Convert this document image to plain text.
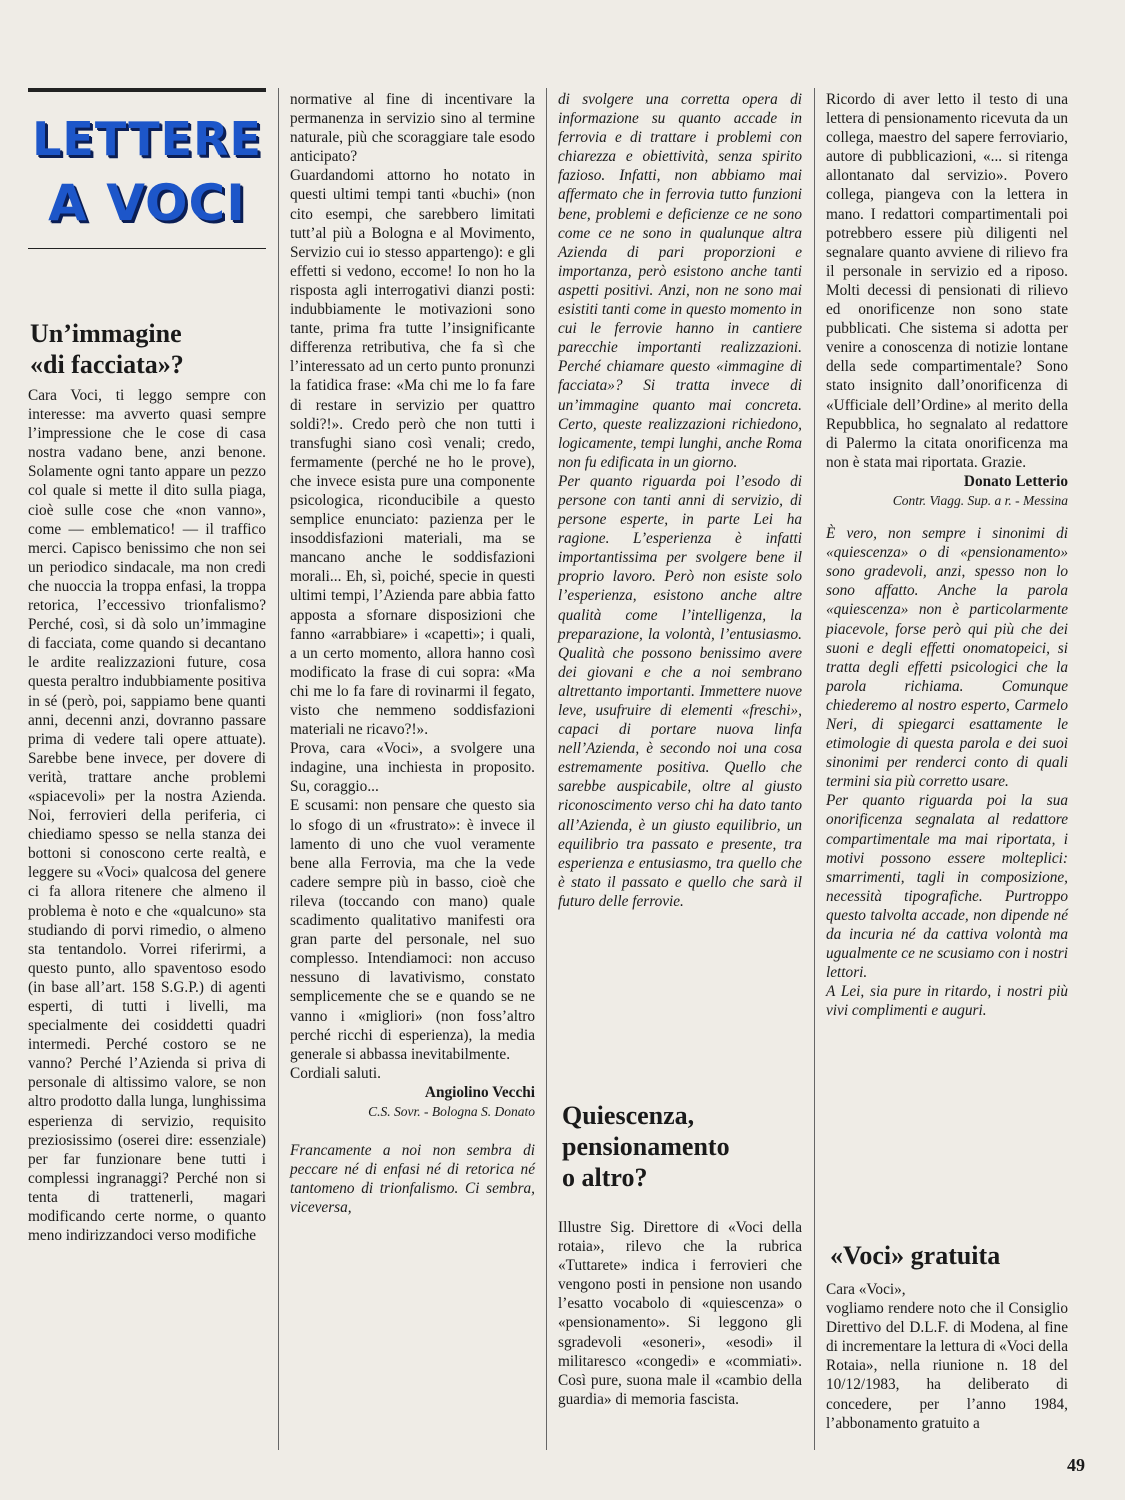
LETTERE
A VOCI
Un’immagine
«di facciata»?

Cara Voci, ti leggo sempre con interesse: ma avverto quasi sempre l’impressione che le cose di casa nostra vadano bene, anzi benone. Solamente ogni tanto appare un pezzo col quale si mette il dito sulla piaga, cioè sulle cose che «non vanno», come — emblematico! — il traffico merci. Capisco benissimo che non sei un periodico sindacale, ma non credi che nuoccia la troppa enfasi, la troppa retorica, l’eccessivo trionfalismo? Perché, così, si dà solo un’immagine di facciata, come quando si decantano le ardite realizzazioni future, cosa questa peraltro indubbiamente positiva in sé (però, poi, sappiamo bene quanti anni, decenni anzi, dovranno passare prima di vedere tali opere attuate). Sarebbe bene invece, per dovere di verità, trattare anche problemi «spiacevoli» per la nostra Azienda. Noi, ferrovieri della periferia, ci chiediamo spesso se nella stanza dei bottoni si conoscono certe realtà, e leggere su «Voci» qualcosa del genere ci fa allora ritenere che almeno il problema è noto e che «qualcuno» sta studiando di porvi rimedio, o almeno sta tentandolo. Vorrei riferirmi, a questo punto, allo spaventoso esodo (in base all’art. 158 S.G.P.) di agenti esperti, di tutti i livelli, ma specialmente dei cosiddetti quadri intermedi. Perché costoro se ne vanno? Perché l’Azienda si priva di personale di altissimo valore, se non altro prodotto dalla lunga, lunghissima esperienza di servizio, requisito preziosissimo (oserei dire: essenziale) per far funzionare bene tutti i complessi ingranaggi? Perché non si tenta di trattenerli, magari modificando certe norme, o quanto meno indirizzandoci verso modifiche

normative al fine di incentivare la permanenza in servizio sino al termine naturale, più che scoraggiare tale esodo anticipato?

Guardandomi attorno ho notato in questi ultimi tempi tanti «buchi» (non cito esempi, che sarebbero limitati tutt’al più a Bologna e al Movimento, Servizio cui io stesso appartengo): e gli effetti si vedono, eccome! Io non ho la risposta agli interrogativi dianzi posti: indubbiamente le motivazioni sono tante, prima fra tutte l’insignificante differenza retributiva, che fa sì che l’interessato ad un certo punto pronunzi la fatidica frase: «Ma chi me lo fa fare di restare in servizio per quattro soldi?!». Credo però che non tutti i transfughi siano così venali; credo, fermamente (perché ne ho le prove), che invece esista pure una componente psicologica, riconducibile a questo semplice enunciato: pazienza per le insoddisfazioni materiali, ma se mancano anche le soddisfazioni morali... Eh, sì, poiché, specie in questi ultimi tempi, l’Azienda pare abbia fatto apposta a sfornare disposizioni che fanno «arrabbiare» i «capetti»; i quali, a un certo momento, allora hanno così modificato la frase di cui sopra: «Ma chi me lo fa fare di rovinarmi il fegato, visto che nemmeno soddisfazioni materiali ne ricavo?!».

Prova, cara «Voci», a svolgere una indagine, una inchiesta in proposito. Su, coraggio...

E scusami: non pensare che questo sia lo sfogo di un «frustrato»: è invece il lamento di uno che vuol veramente bene alla Ferrovia, ma che la vede cadere sempre più in basso, cioè che rileva (toccando con mano) quale scadimento qualitativo manifesti ora gran parte del personale, nel suo complesso. Intendiamoci: non accuso nessuno di lavativismo, constato semplicemente che se e quando se ne vanno i «migliori» (non foss’altro perché ricchi di esperienza), la media generale si abbassa inevitabilmente.

Cordiali saluti.

Angiolino Vecchi

C.S. Sovr. - Bologna S. Donato

Francamente a noi non sembra di peccare né di enfasi né di retorica né tantomeno di trionfalismo. Ci sembra, viceversa,

di svolgere una corretta opera di informazione su quanto accade in ferrovia e di trattare i problemi con chiarezza e obiettività, senza spirito fazioso. Infatti, non abbiamo mai affermato che in ferrovia tutto funzioni bene, problemi e deficienze ce ne sono come ce ne sono in qualunque altra Azienda di pari proporzioni e importanza, però esistono anche tanti aspetti positivi. Anzi, non ne sono mai esistiti tanti come in questo momento in cui le ferrovie hanno in cantiere parecchie importanti realizzazioni. Perché chiamare questo «immagine di facciata»? Si tratta invece di un’immagine quanto mai concreta. Certo, queste realizzazioni richiedono, logicamente, tempi lunghi, anche Roma non fu edificata in un giorno.

Per quanto riguarda poi l’esodo di persone con tanti anni di servizio, di persone esperte, in parte Lei ha ragione. L’esperienza è infatti importantissima per svolgere bene il proprio lavoro. Però non esiste solo l’esperienza, esistono anche altre qualità come l’intelligenza, la preparazione, la volontà, l’entusiasmo. Qualità che possono benissimo avere dei giovani e che a noi sembrano altrettanto importanti. Immettere nuove leve, usufruire di elementi «freschi», capaci di portare nuova linfa nell’Azienda, è secondo noi una cosa estremamente positiva. Quello che sarebbe auspicabile, oltre al giusto riconoscimento verso chi ha dato tanto all’Azienda, è un giusto equilibrio, un equilibrio tra passato e presente, tra esperienza e entusiasmo, tra quello che è stato il passato e quello che sarà il futuro delle ferrovie.

Quiescenza,
pensionamento
o altro?

Illustre Sig. Direttore di «Voci della rotaia», rilevo che la rubrica «Tuttarete» indica i ferrovieri che vengono posti in pensione non usando l’esatto vocabolo di «quiescenza» o «pensionamento». Si leggono gli sgradevoli «esoneri», «esodi» il militaresco «congedi» e «commiati». Così pure, suona male il «cambio della guardia» di memoria fascista.

Ricordo di aver letto il testo di una lettera di pensionamento ricevuta da un collega, maestro del sapere ferroviario, autore di pubblicazioni, «... si ritenga allontanato dal servizio». Povero collega, piangeva con la lettera in mano. I redattori compartimentali poi potrebbero essere più diligenti nel segnalare quanto avviene di rilievo fra il personale in servizio ed a riposo. Molti decessi di pensionati di rilievo ed onorificenze non sono state pubblicati. Che sistema si adotta per venire a conoscenza di notizie lontane della sede compartimentale? Sono stato insignito dall’onorificenza di «Ufficiale dell’Ordine» al merito della Repubblica, ho segnalato al redattore di Palermo la citata onorificenza ma non è stata mai riportata. Grazie.

Donato Letterio

Contr. Viagg. Sup. a r. - Messina

È vero, non sempre i sinonimi di «quiescenza» o di «pensionamento» sono gradevoli, anzi, spesso non lo sono affatto. Anche la parola «quiescenza» non è particolarmente piacevole, forse però qui più che dei suoni e degli effetti onomatopeici, si tratta degli effetti psicologici che la parola richiama. Comunque chiederemo al nostro esperto, Carmelo Neri, di spiegarci esattamente le etimologie di questa parola e dei suoi sinonimi per renderci conto di quali termini sia più corretto usare.

Per quanto riguarda poi la sua onorificenza segnalata al redattore compartimentale ma mai riportata, i motivi possono essere molteplici: smarrimenti, tagli in composizione, necessità tipografiche. Purtroppo questo talvolta accade, non dipende né da incuria né da cattiva volontà ma ugualmente ce ne scusiamo con i nostri lettori.

A Lei, sia pure in ritardo, i nostri più vivi complimenti e auguri.

«Voci» gratuita

Cara «Voci»,

vogliamo rendere noto che il Consiglio Direttivo del D.L.F. di Modena, al fine di incrementare la lettura di «Voci della Rotaia», nella riunione n. 18 del 10/12/1983, ha deliberato di concedere, per l’anno 1984, l’abbonamento gratuito a

49
